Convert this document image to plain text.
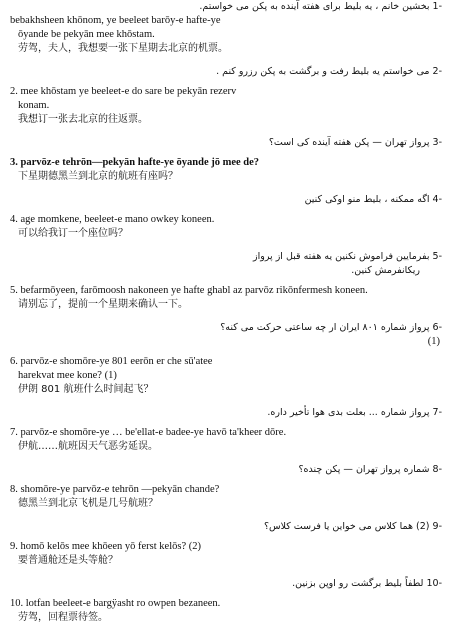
-1 بخشین خانم ، یه بلیط برای هفته آینده به پکن می خواستم.

bebakhsheen khōnom, ye beeleet barōy-e hafte-ye

ōyande be pekyān mee khōstam.

劳驾，夫人，我想要一张下星期去北京的机票。

-2 می خواستم یه بلیط رفت و برگشت به پکن رزرو کنم .

2. mee khōstam ye beeleet-e do sare be pekyān rezerv

konam.

我想订一张去北京的往返票。

-3 پرواز تهران — پکن هفته آینده کی است؟

3. parvōz-e tehrōn—pekyān hafte-ye ōyande jō mee de?

下星期德黑兰到北京的航班有座吗？

-4 اگه ممکنه ، بلیط منو اوکی کنین

4. age momkene, beeleet-e mano owkey koneen.

可以给我订一个座位吗？

-5 بفرمایین فراموش نکنین یه هفته قبل از پرواز

ریکانفرمش کنین.

5. befarmōyeen, farōmoosh nakoneen ye hafte ghabl az parvōz rikōnfermesh koneen.

请别忘了，提前一个星期来确认一下。

-6 پرواز شماره ۸۰۱ ایران ار چه ساعتی حرکت می کنه؟

(1)

6. parvōz-e shomōre-ye 801 eerōn er che sū'atee

harekvat mee kone? (1)

伊朗 801 航班什么时间起飞？

-7 پرواز شماره ... بعلت بدی هوا تأخیر داره.

7. parvōz-e shomōre-ye … be'ellat-e badee-ye havō ta'kheer dōre.

伊航……航班因天气恶劣延误。

-8 شماره پرواز تهران — پکن چنده؟

8. shomōre-ye parvōz-e tehrōn —pekyān chande?

德黑兰到北京飞机是几号航班？

-9 (2) هما کلاس می خواین یا فرست کلاس؟

9. homō kelōs mee khōeen yō ferst kelōs? (2)

要普通舱还是头等舱？

-10 لطفاً بلیط برگشت رو اوپن بزنین.

10. lotfan beeleet-e bargÿasht ro owpen bezaneen.

劳驾，回程票待签。
